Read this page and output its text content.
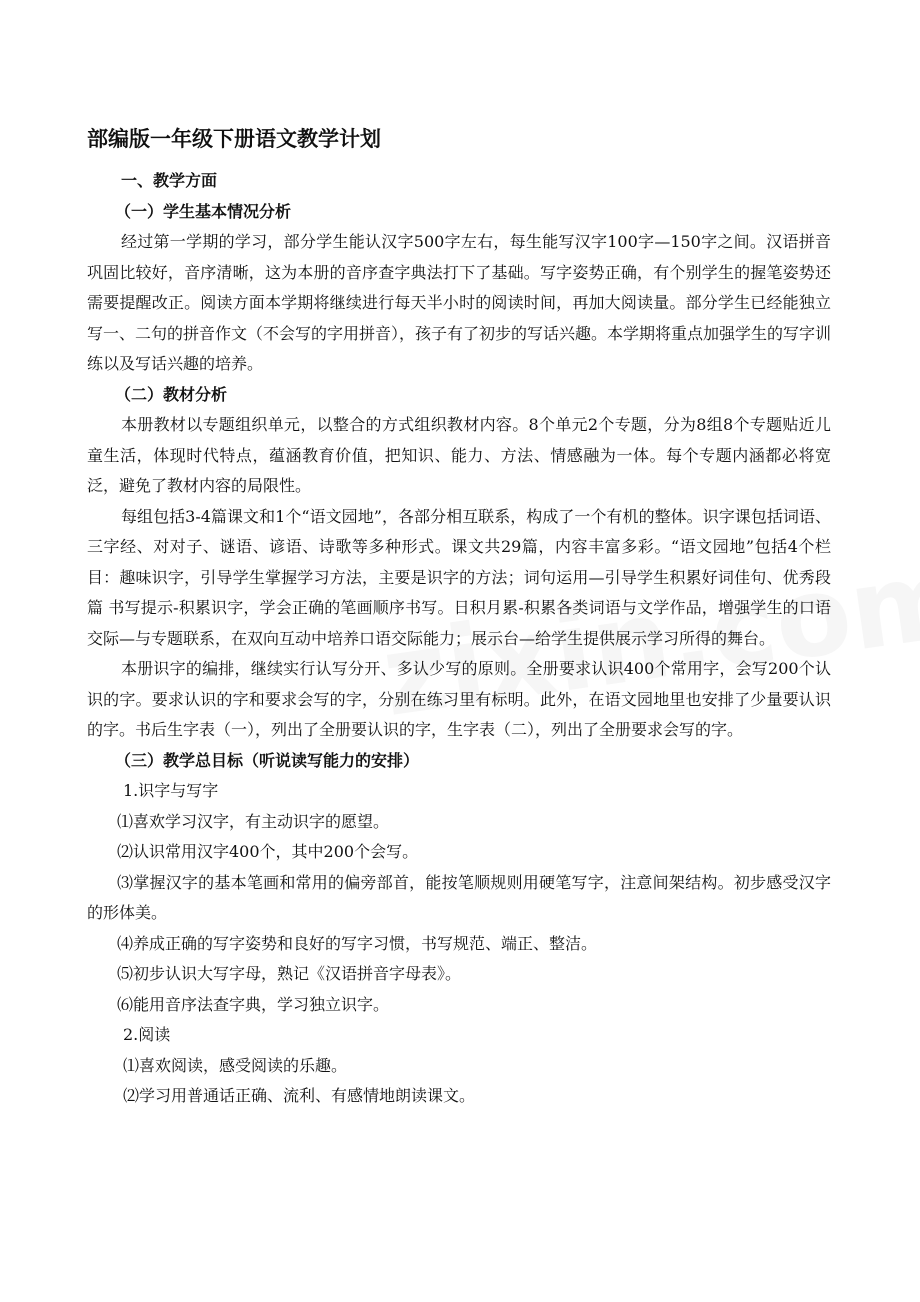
部编版一年级下册语文教学计划

一、教学方面

（一）学生基本情况分析

经过第一学期的学习，部分学生能认汉字500字左右，每生能写汉字100字—150字之间。汉语拼音巩固比较好，音序清晰，这为本册的音序查字典法打下了基础。写字姿势正确，有个别学生的握笔姿势还需要提醒改正。阅读方面本学期将继续进行每天半小时的阅读时间，再加大阅读量。部分学生已经能独立写一、二句的拼音作文（不会写的字用拼音），孩子有了初步的写话兴趣。本学期将重点加强学生的写字训练以及写话兴趣的培养。

（二）教材分析

本册教材以专题组织单元，以整合的方式组织教材内容。8个单元2个专题，分为8组8个专题贴近儿童生活，体现时代特点，蕴涵教育价值，把知识、能力、方法、情感融为一体。每个专题内涵都必将宽泛，避免了教材内容的局限性。

每组包括3-4篇课文和1个“语文园地”，各部分相互联系，构成了一个有机的整体。识字课包括词语、三字经、对对子、谜语、谚语、诗歌等多种形式。课文共29篇，内容丰富多彩。“语文园地”包括4个栏目：趣味识字，引导学生掌握学习方法，主要是识字的方法；词句运用—引导学生积累好词佳句、优秀段篇 书写提示-积累识字，学会正确的笔画顺序书写。日积月累-积累各类词语与文学作品，增强学生的口语交际—与专题联系，在双向互动中培养口语交际能力；展示台—给学生提供展示学习所得的舞台。

本册识字的编排，继续实行认写分开、多认少写的原则。全册要求认识400个常用字，会写200个认识的字。要求认识的字和要求会写的字，分别在练习里有标明。此外，在语文园地里也安排了少量要认识的字。书后生字表（一），列出了全册要认识的字，生字表（二），列出了全册要求会写的字。

（三）教学总目标（听说读写能力的安排）

1.识字与写字

⑴喜欢学习汉字，有主动识字的愿望。

⑵认识常用汉字400个，其中200个会写。

⑶掌握汉字的基本笔画和常用的偏旁部首，能按笔顺规则用硬笔写字，注意间架结构。初步感受汉字的形体美。

⑷养成正确的写字姿势和良好的写字习惯，书写规范、端正、整洁。

⑸初步认识大写字母，熟记《汉语拼音字母表》。

⑹能用音序法查字典，学习独立识字。

2.阅读

⑴喜欢阅读，感受阅读的乐趣。

⑵学习用普通话正确、流利、有感情地朗读课文。
